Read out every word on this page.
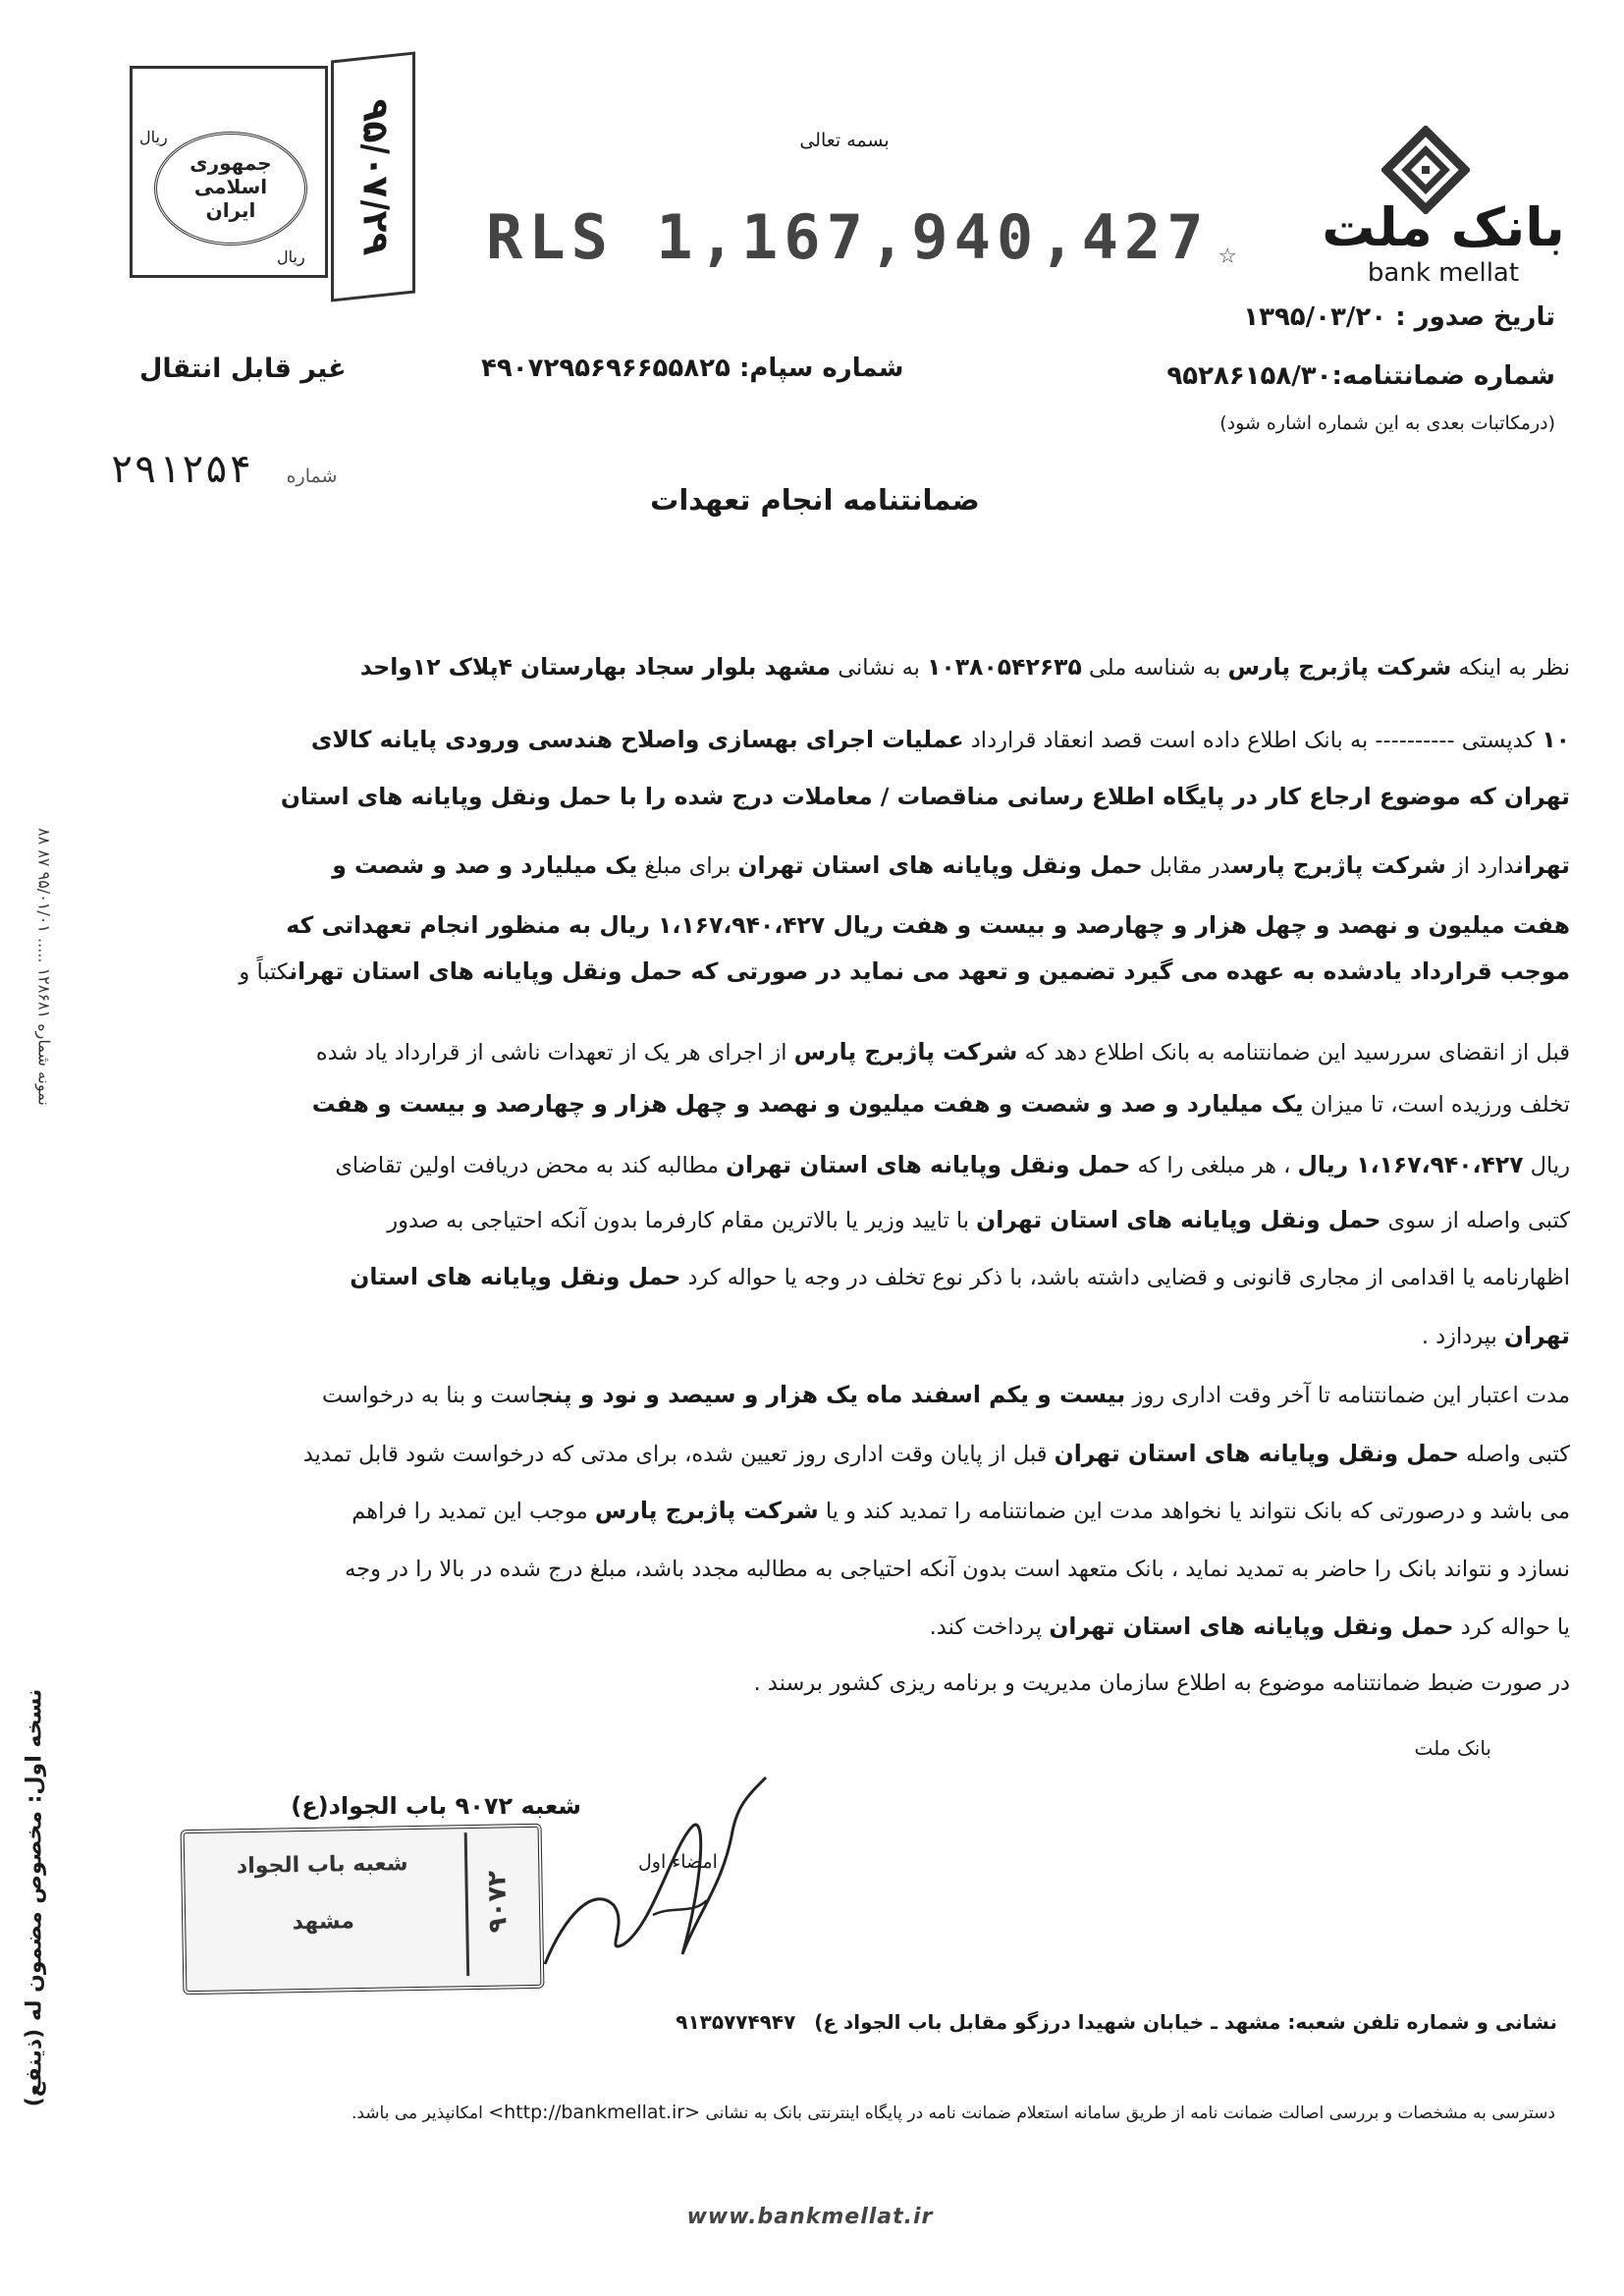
جمهوری
اسلامی
ایران
ریال
ریال ۹۵/۰۷/۲۹	بسمه تعالی
بانک ملت
bank mellat
RLS 1,167,940,427 ☆
تاریخ صدور : ۱۳۹۵/۰۳/۲۰
شماره ضمانتنامه:۹۵۲۸۶۱۵۸/۳۰
(درمکاتبات بعدی به این شماره اشاره شود)
شماره سپام: ۴۹۰۷۲۹۵۶۹۶۶۵۵۸۲۵
غیر قابل انتقال
۲۹۱۲۵۴ شماره
ضمانتنامه انجام تعهدات
نظر به اینکه شرکت پاژبرج پارس به شناسه ملی ۱۰۳۸۰۵۴۲۶۳۵ به نشانی مشهد بلوار سجاد بهارستان ۴پلاک ۱۲واحد
۱۰ کدپستی ---------- به بانک اطلاع داده است قصد انعقاد قرارداد عملیات اجرای بهسازی واصلاح هندسی ورودی پایانه کالای
تهران که موضوع ارجاع کار در پایگاه اطلاع رسانی مناقصات / معاملات درج شده را با حمل ونقل وپایانه های استان
تهراندارد از شرکت پاژبرج پارسدر مقابل حمل ونقل وپایانه های استان تهران برای مبلغ یک میلیارد و صد و شصت و
هفت میلیون و نهصد و چهل هزار و چهارصد و بیست و هفت ریال ۱،۱۶۷،۹۴۰،۴۲۷ ریال به منظور انجام تعهداتی که
موجب قرارداد یادشده به عهده می گیرد تضمین و تعهد می نماید در صورتی که حمل ونقل وپایانه های استان تهرانکتباً و
قبل از انقضای سررسید این ضمانتنامه به بانک اطلاع دهد که شرکت پاژبرج پارس از اجرای هر یک از تعهدات ناشی از قرارداد یاد شده
تخلف ورزیده است، تا میزان یک میلیارد و صد و شصت و هفت میلیون و نهصد و چهل هزار و چهارصد و بیست و هفت
ریال ۱،۱۶۷،۹۴۰،۴۲۷ ریال ، هر مبلغی را که حمل ونقل وپایانه های استان تهران مطالبه کند به محض دریافت اولین تقاضای
کتبی واصله از سوی حمل ونقل وپایانه های استان تهران با تایید وزیر یا بالاترین مقام کارفرما بدون آنکه احتیاجی به صدور
اظهارنامه یا اقدامی از مجاری قانونی و قضایی داشته باشد، با ذکر نوع تخلف در وجه یا حواله کرد حمل ونقل وپایانه های استان
تهران بپردازد .
مدت اعتبار این ضمانتنامه تا آخر وقت اداری روز بیست و یکم اسفند ماه یک هزار و سیصد و نود و پنجاست و بنا به درخواست
کتبی واصله حمل ونقل وپایانه های استان تهران قبل از پایان وقت اداری روز تعیین شده، برای مدتی که درخواست شود قابل تمدید
می باشد و درصورتی که بانک نتواند یا نخواهد مدت این ضمانتنامه را تمدید کند و یا شرکت پاژبرج پارس موجب این تمدید را فراهم
نسازد و نتواند بانک را حاضر به تمدید نماید ، بانک متعهد است بدون آنکه احتیاجی به مطالبه مجدد باشد، مبلغ درج شده در بالا را در وجه
یا حواله کرد حمل ونقل وپایانه های استان تهران پرداخت کند.
در صورت ضبط ضمانتنامه موضوع به اطلاع سازمان مدیریت و برنامه ریزی کشور برسند .
بانک ملت
شعبه ۹۰۷۲ باب الجواد(ع)
امضاء اول
شعبه باب الجواد
مشهد	۹۰۷۲
نشانی و شماره تلفن شعبه: مشهد ـ خیابان شهیدا درزگو مقابل باب الجواد ع) ۹۱۳۵۷۷۴۹۴۷
دسترسی به مشخصات و بررسی اصالت ضمانت نامه از طریق سامانه استعلام ضمانت نامه در پایگاه اینترنتی بانک به نشانی <http://bankmellat.ir> امکانپذیر می باشد.
www.bankmellat.ir
نسخه اول: مخصوص مضمون له (ذینفع)
نمونه شماره ۱۲۸۶۸۱ ..... ۹۵/۰۱/۰۱ ۸۷ ۸۸
